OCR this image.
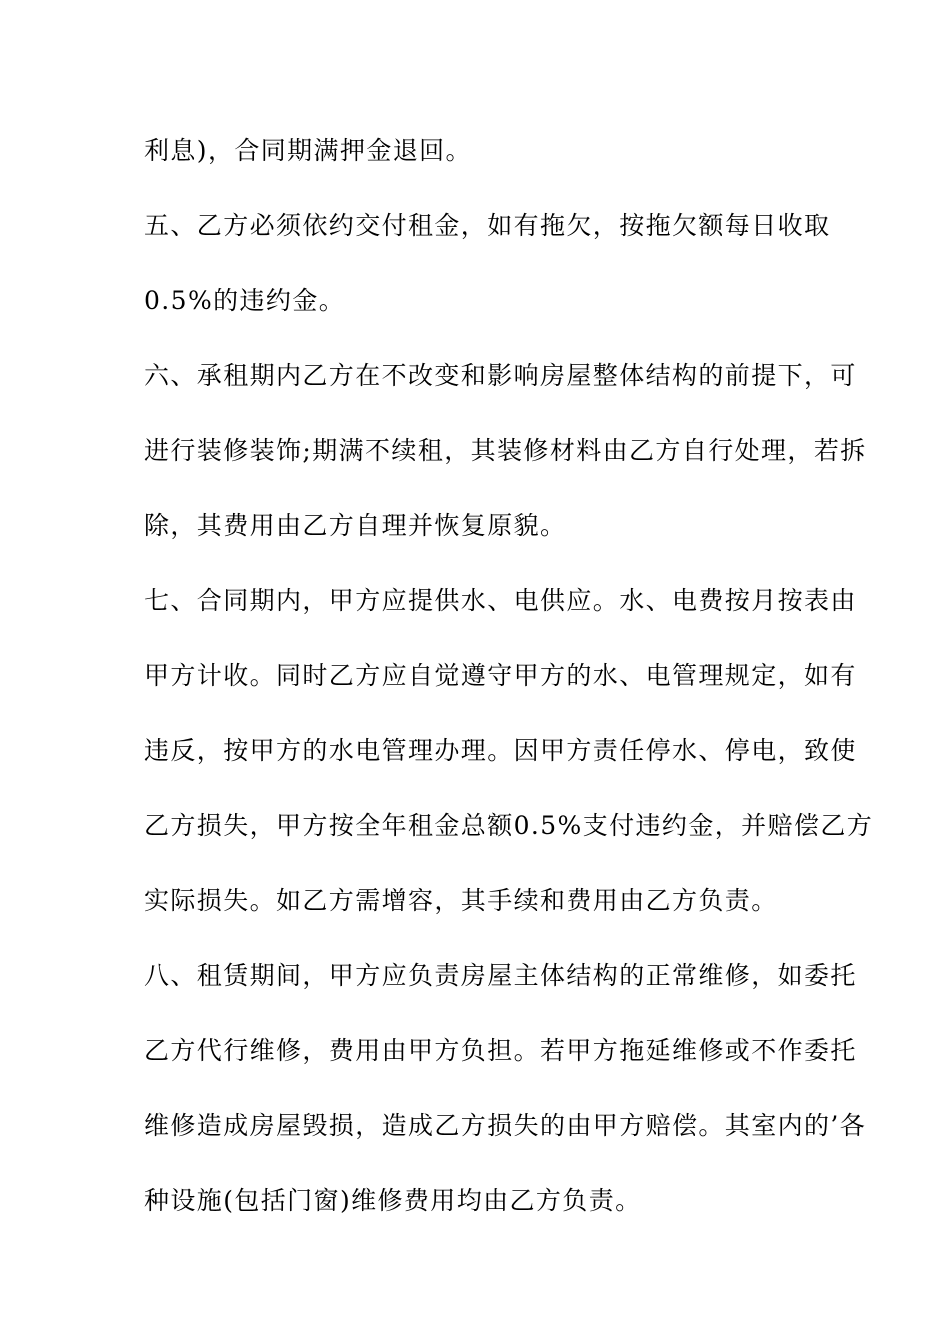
利息)，合同期满押金退回。
五、乙方必须依约交付租金，如有拖欠，按拖欠额每日收取
0.5%的违约金。
六、承租期内乙方在不改变和影响房屋整体结构的前提下，可
进行装修装饰;期满不续租，其装修材料由乙方自行处理，若拆
除，其费用由乙方自理并恢复原貌。
七、合同期内，甲方应提供水、电供应。水、电费按月按表由
甲方计收。同时乙方应自觉遵守甲方的水、电管理规定，如有
违反，按甲方的水电管理办理。因甲方责任停水、停电，致使
乙方损失，甲方按全年租金总额0.5%支付违约金，并赔偿乙方
实际损失。如乙方需增容，其手续和费用由乙方负责。
八、租赁期间，甲方应负责房屋主体结构的正常维修，如委托
乙方代行维修，费用由甲方负担。若甲方拖延维修或不作委托
维修造成房屋毁损，造成乙方损失的由甲方赔偿。其室内的’各
种设施(包括门窗)维修费用均由乙方负责。
